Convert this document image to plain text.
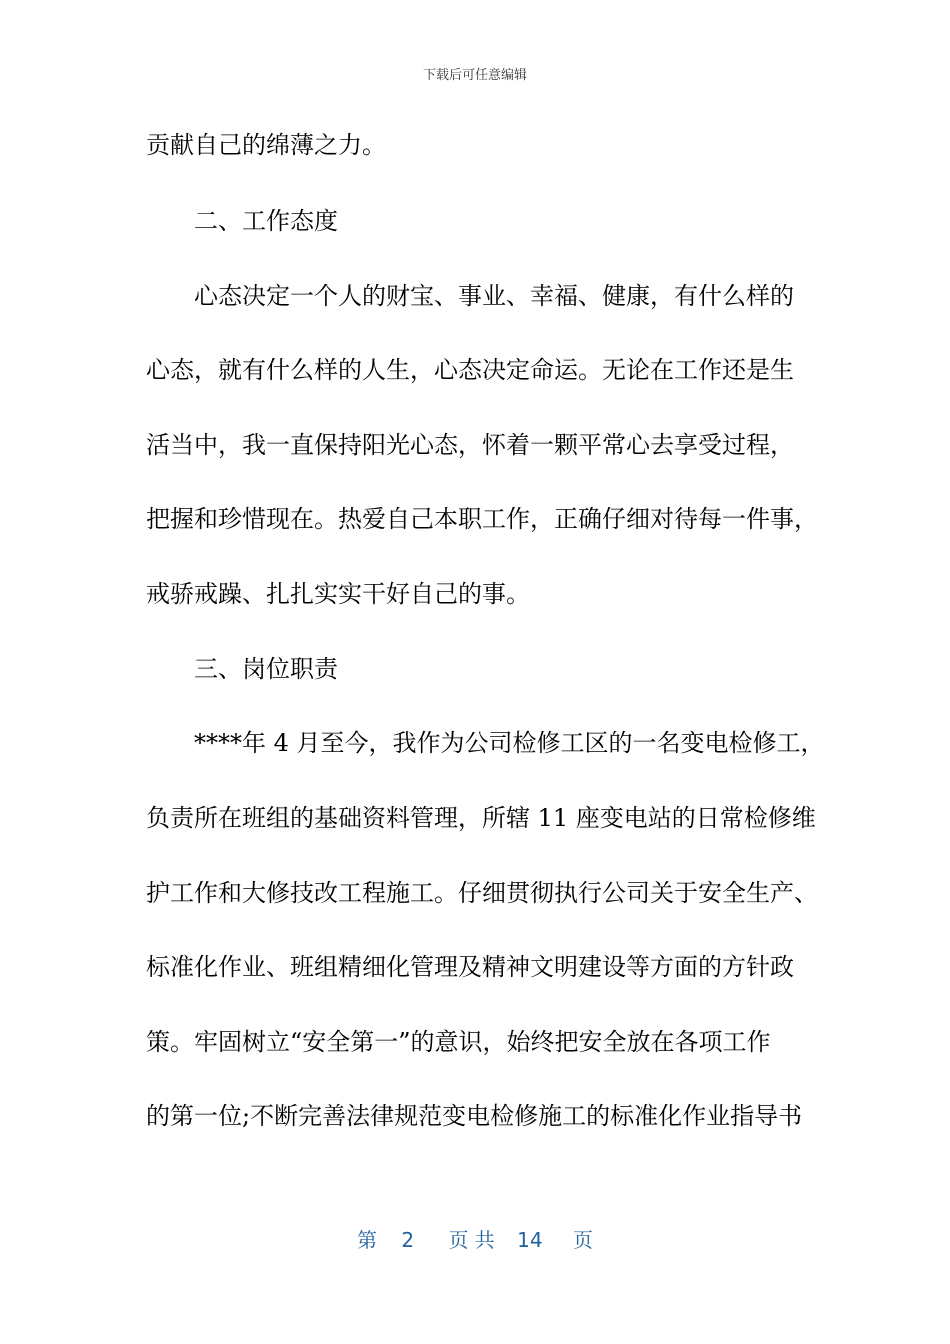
下载后可任意编辑
贡献自己的绵薄之力。
二、工作态度
心态决定一个人的财宝、事业、幸福、健康，有什么样的
心态，就有什么样的人生，心态决定命运。无论在工作还是生
活当中，我一直保持阳光心态，怀着一颗平常心去享受过程，
把握和珍惜现在。热爱自己本职工作，正确仔细对待每一件事，
戒骄戒躁、扎扎实实干好自己的事。
三、岗位职责
****年 4 月至今，我作为公司检修工区的一名变电检修工，
负责所在班组的基础资料管理，所辖 11 座变电站的日常检修维
护工作和大修技改工程施工。仔细贯彻执行公司关于安全生产、
标准化作业、班组精细化管理及精神文明建设等方面的方针政
策。牢固树立“安全第一”的意识，始终把安全放在各项工作
的第一位;不断完善法律规范变电检修施工的标准化作业指导书
第 2 页 共 14 页
